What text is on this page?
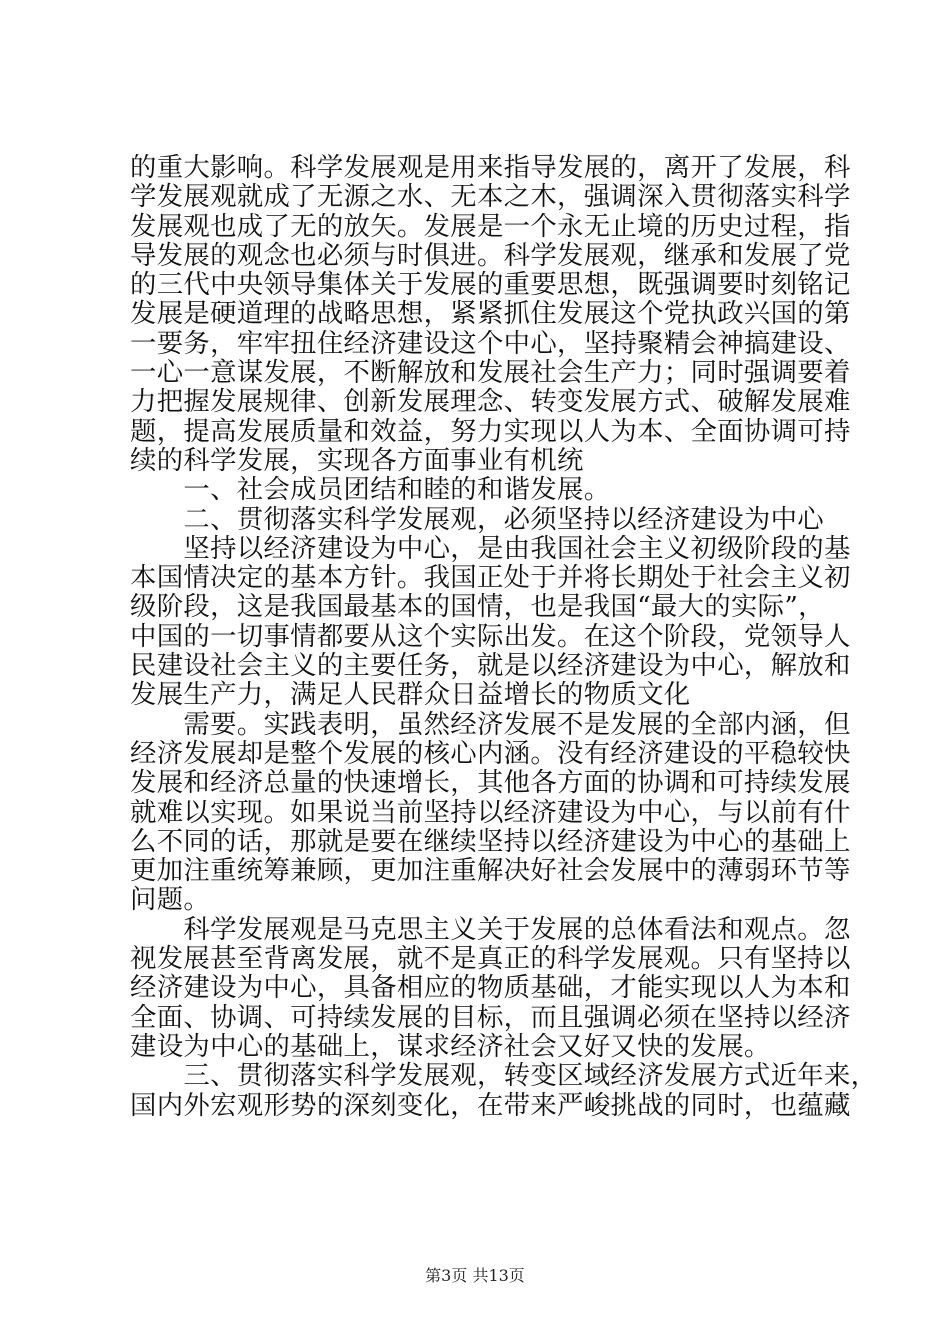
的重大影响。科学发展观是用来指导发展的，离开了发展，科
学发展观就成了无源之水、无本之木，强调深入贯彻落实科学
发展观也成了无的放矢。发展是一个永无止境的历史过程，指
导发展的观念也必须与时俱进。科学发展观，继承和发展了党
的三代中央领导集体关于发展的重要思想，既强调要时刻铭记
发展是硬道理的战略思想，紧紧抓住发展这个党执政兴国的第
一要务，牢牢扭住经济建设这个中心，坚持聚精会神搞建设、
一心一意谋发展，不断解放和发展社会生产力；同时强调要着
力把握发展规律、创新发展理念、转变发展方式、破解发展难
题，提高发展质量和效益，努力实现以人为本、全面协调可持
续的科学发展，实现各方面事业有机统
　　一、社会成员团结和睦的和谐发展。
　　二、贯彻落实科学发展观，必须坚持以经济建设为中心
　　坚持以经济建设为中心，是由我国社会主义初级阶段的基
本国情决定的基本方针。我国正处于并将长期处于社会主义初
级阶段，这是我国最基本的国情，也是我国“最大的实际”，
中国的一切事情都要从这个实际出发。在这个阶段，党领导人
民建设社会主义的主要任务，就是以经济建设为中心，解放和
发展生产力，满足人民群众日益增长的物质文化
　　需要。实践表明，虽然经济发展不是发展的全部内涵，但
经济发展却是整个发展的核心内涵。没有经济建设的平稳较快
发展和经济总量的快速增长，其他各方面的协调和可持续发展
就难以实现。如果说当前坚持以经济建设为中心，与以前有什
么不同的话，那就是要在继续坚持以经济建设为中心的基础上
更加注重统筹兼顾，更加注重解决好社会发展中的薄弱环节等
问题。
　　科学发展观是马克思主义关于发展的总体看法和观点。忽
视发展甚至背离发展，就不是真正的科学发展观。只有坚持以
经济建设为中心，具备相应的物质基础，才能实现以人为本和
全面、协调、可持续发展的目标，而且强调必须在坚持以经济
建设为中心的基础上，谋求经济社会又好又快的发展。
　　三、贯彻落实科学发展观，转变区域经济发展方式近年来，
国内外宏观形势的深刻变化，在带来严峻挑战的同时，也蕴藏
第3页 共13页
